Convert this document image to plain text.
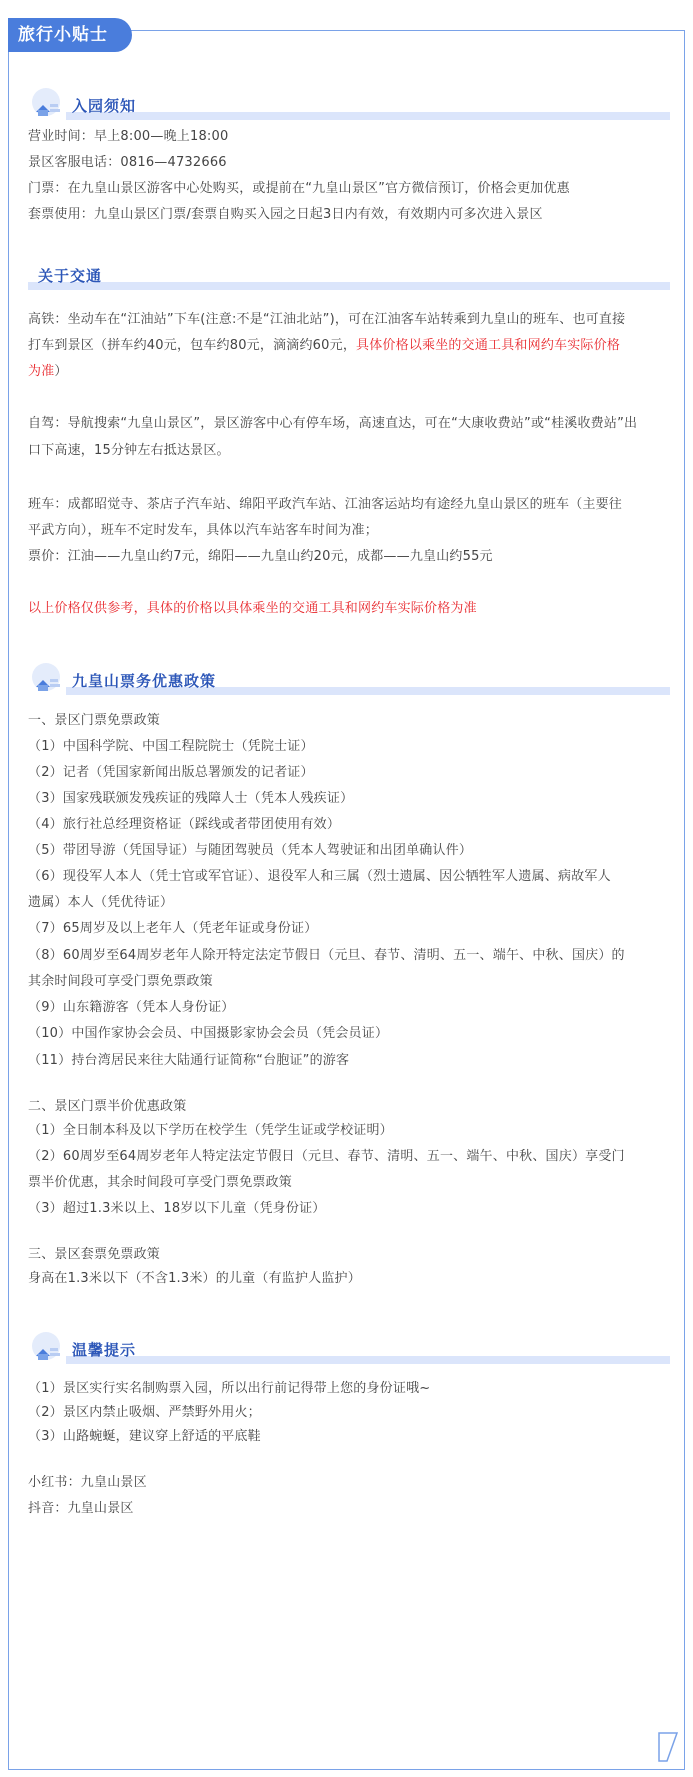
旅行小贴士
入园须知
营业时间：早上8:00—晚上18:00
景区客服电话：0816—4732666
门票：在九皇山景区游客中心处购买，或提前在“九皇山景区”官方微信预订，价格会更加优惠
套票使用：九皇山景区门票/套票自购买入园之日起3日内有效，有效期内可多次进入景区
关于交通
高铁：坐动车在“江油站”下车(注意:不是“江油北站”)，可在江油客车站转乘到九皇山的班车、也可直接
打车到景区（拼车约40元，包车约80元，滴滴约60元，具体价格以乘坐的交通工具和网约车实际价格
为准）
自驾：导航搜索“九皇山景区”，景区游客中心有停车场，高速直达，可在“大康收费站”或“桂溪收费站”出
口下高速，15分钟左右抵达景区。
班车：成都昭觉寺、茶店子汽车站、绵阳平政汽车站、江油客运站均有途经九皇山景区的班车（主要往
平武方向），班车不定时发车，具体以汽车站客车时间为准；
票价：江油——九皇山约7元，绵阳——九皇山约20元，成都——九皇山约55元
以上价格仅供参考，具体的价格以具体乘坐的交通工具和网约车实际价格为准
九皇山票务优惠政策
一、景区门票免票政策
（1）中国科学院、中国工程院院士（凭院士证）
（2）记者（凭国家新闻出版总署颁发的记者证）
（3）国家残联颁发残疾证的残障人士（凭本人残疾证）
（4）旅行社总经理资格证（踩线或者带团使用有效）
（5）带团导游（凭国导证）与随团驾驶员（凭本人驾驶证和出团单确认件）
（6）现役军人本人（凭士官或军官证）、退役军人和三属（烈士遗属、因公牺牲军人遗属、病故军人
遗属）本人（凭优待证）
（7）65周岁及以上老年人（凭老年证或身份证）
（8）60周岁至64周岁老年人除开特定法定节假日（元旦、春节、清明、五一、端午、中秋、国庆）的
其余时间段可享受门票免票政策
（9）山东籍游客（凭本人身份证）
（10）中国作家协会会员、中国摄影家协会会员（凭会员证）
（11）持台湾居民来往大陆通行证简称“台胞证”的游客
二、景区门票半价优惠政策
（1）全日制本科及以下学历在校学生（凭学生证或学校证明）
（2）60周岁至64周岁老年人特定法定节假日（元旦、春节、清明、五一、端午、中秋、国庆）享受门
票半价优惠，其余时间段可享受门票免票政策
（3）超过1.3米以上、18岁以下儿童（凭身份证）
三、景区套票免票政策
身高在1.3米以下（不含1.3米）的儿童（有监护人监护）
温馨提示
（1）景区实行实名制购票入园，所以出行前记得带上您的身份证哦~
（2）景区内禁止吸烟、严禁野外用火；
（3）山路蜿蜒，建议穿上舒适的平底鞋
小红书：九皇山景区
抖音：九皇山景区
